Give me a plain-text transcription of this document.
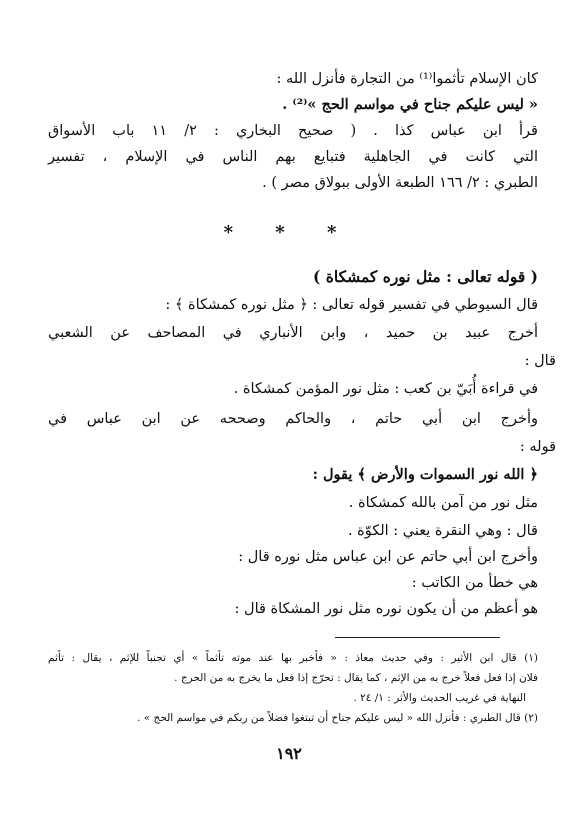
كان الإسلام تأثموا⁽¹⁾ من التجارة فأنزل الله :
« ليس عليكم جناح في مواسم الحج »⁽²⁾ .
قرأ ابن عباس كذا . ( صحيح البخاري : ٢/ ١١ باب الأسواق
التي كانت في الجاهلية فتبايع بهم الناس في الإسلام ، تفسير
الطبري : ٢/ ١٦٦ الطبعة الأولى ببولاق مصر ) .
* * *
( قوله تعالى : مثل نوره كمشكاة )
قال السيوطي في تفسير قوله تعالى : ﴿ مثل نوره كمشكاة ﴾ :
أخرج عبيد بن حميد ، وابن الأنباري في المصاحف عن الشعبي
قال :
في قراءة أُبَيّ بن كعب : مثل نور المؤمن كمشكاة .
وأخرج ابن أبي حاتم ، والحاكم وصححه عن ابن عباس في
قوله :
﴿ الله نور السموات والأرض ﴾ يقول :
مثل نور من آمن بالله كمشكاة .
قال : وهي النقرة يعني : الكوّة .
وأخرج ابن أبي حاتم عن ابن عباس مثل نوره قال :
هي خطأ من الكاتب :
هو أعظم من أن يكون نوره مثل نور المشكاة قال :
(١) قال ابن الأثير : وفي حديث معاذ : « فأخبر بها عند موته تأثماً » أي تجنباً للإثم ، يقال : تأثم
فلان إذا فعل فعلاً خرج به من الإثم ، كما يقال : تحرّج إذا فعل ما يخرج به من الحرج .
النهاية في غريب الحديث والأثر : ١/ ٢٤ .
(٢) قال الطبري : فأنزل الله « ليس عليكم جناح أن تبتغوا فضلاً من ربكم في مواسم الحج » .
١٩٢
